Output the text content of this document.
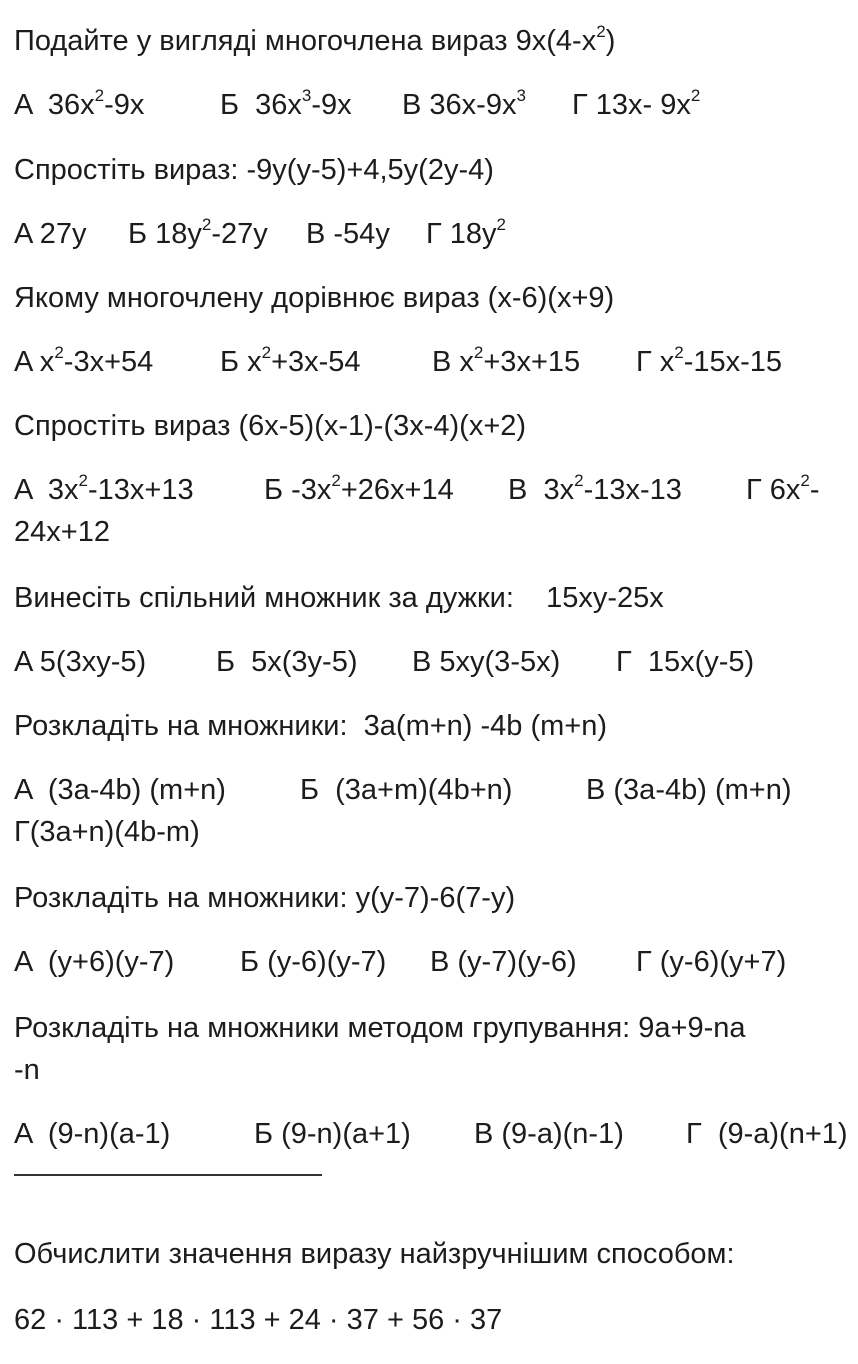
Подайте у вигляді многочлена вираз $9x(4-x^2)$
A  $36x^2-9x$	Б  $36x^3-9x$ В $36x-9x^3$ Г 13x- $9x^2$
Спростіть вираз: -9y(y-5)+4,5y(2y-4)
A 27y Б $18y^2-27y$ В -54y Г $18y^2$
Якому многочлену дорівнює вираз (x-6)(x+9)
A $x^2-3x+54$ Б $x^2+3x-54$ В $x^2+3x+15$ Г $x^2-15x-15$
Спростіть вираз (6x-5)(x-1)-(3x-4)(x+2)
A  $3x^2-13x+13$ Б $-3x^2+26x+14$ В  $3x^2-13x-13$ Г $6x^2-$
24x+12
Винесіть спільний множник за дужки:    15xy-25x
A 5(3xy-5) Б  5x(3y-5) В 5xy(3-5x) Г  15x(y-5)
Розкладіть на множники:  3a(m+n) -4b (m+n)
A  (3a-4b) (m+n)	Б  (3a+m)(4b+n)	В (3a-4b) (m+n)
Г(3a+n)(4b-m)
Розкладіть на множники: y(y-7)-6(7-y)
A  (y+6)(y-7) Б (y-6)(y-7) В (y-7)(y-6) Г (y-6)(y+7)
Розкладіть на множники методом групування: 9a+9-na
-n
A  (9-n)(a-1)	Б (9-n)(a+1) В (9-a)(n-1) Г  (9-a)(n+1)
Обчислити значення виразу найзручнішим способом:
62 · 113 + 18 · 113 + 24 · 37 + 56 · 37
